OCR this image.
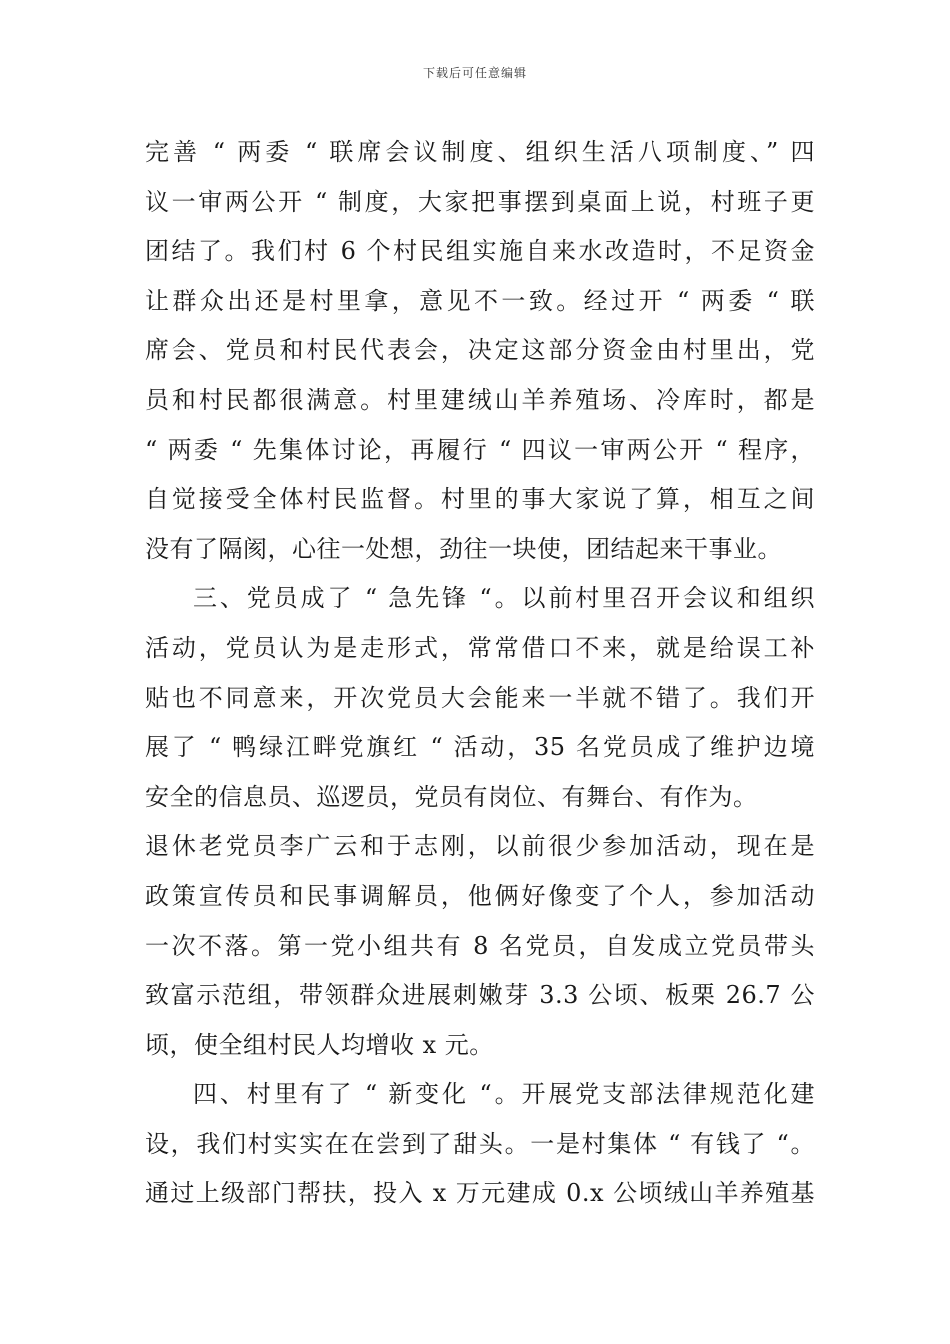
下载后可任意编辑
完善 “ 两委 “ 联席会议制度、组织生活八项制度、” 四
议一审两公开 “ 制度，大家把事摆到桌面上说，村班子更
团结了。我们村 6 个村民组实施自来水改造时，不足资金
让群众出还是村里拿，意见不一致。经过开 “ 两委 “ 联
席会、党员和村民代表会，决定这部分资金由村里出，党
员和村民都很满意。村里建绒山羊养殖场、冷库时，都是
“ 两委 “ 先集体讨论，再履行 “ 四议一审两公开 “ 程序，
自觉接受全体村民监督。村里的事大家说了算，相互之间
没有了隔阂，心往一处想，劲往一块使，团结起来干事业。
三、党员成了 “ 急先锋 “。以前村里召开会议和组织
活动，党员认为是走形式，常常借口不来，就是给误工补
贴也不同意来，开次党员大会能来一半就不错了。我们开
展了 “ 鸭绿江畔党旗红 “ 活动，35 名党员成了维护边境
安全的信息员、巡逻员，党员有岗位、有舞台、有作为。
退休老党员李广云和于志刚，以前很少参加活动，现在是
政策宣传员和民事调解员，他俩好像变了个人，参加活动
一次不落。第一党小组共有 8 名党员，自发成立党员带头
致富示范组，带领群众进展刺嫩芽 3.3 公顷、板栗 26.7 公
顷，使全组村民人均增收 x 元。
四、村里有了 “ 新变化 “。开展党支部法律规范化建
设，我们村实实在在尝到了甜头。一是村集体 “ 有钱了 “。
通过上级部门帮扶，投入 x 万元建成 0.x 公顷绒山羊养殖基
